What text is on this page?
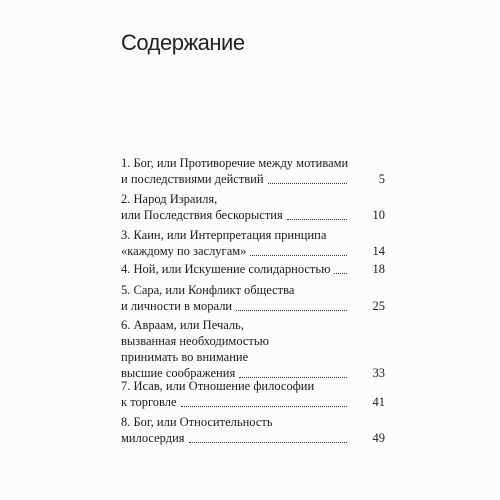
Содержание
1. Бог, или Противоречие между мотивами
и последствиями действий	5
2. Народ Израиля,
или Последствия бескорыстия	10
3. Каин, или Интерпретация принципа
«каждому по заслугам»	14
4. Ной, или Искушение солидарностью	18
5. Сара, или Конфликт общества
и личности в морали	25
6. Авраам, или Печаль,
вызванная необходимостью
принимать во внимание
высшие соображения	33
7. Исав, или Отношение философии
к торговле	41
8. Бог, или Относительность
милосердия	49
